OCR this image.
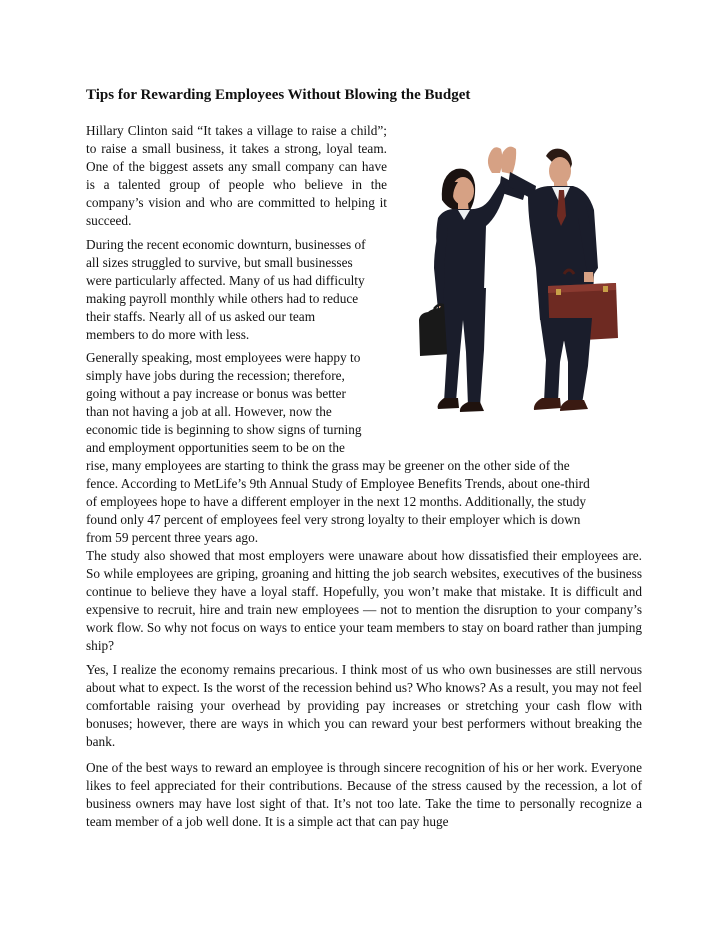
Tips for Rewarding Employees Without Blowing the Budget

Hillary Clinton said “It takes a village to raise a child”; to raise a small business, it takes a strong, loyal team. One of the biggest assets any small company can have is a talented group of people who believe in the company’s vision and who are committed to helping it succeed.

During the recent economic downturn, businesses of
all sizes struggled to survive, but small businesses
were particularly affected. Many of us had difficulty
making payroll monthly while others had to reduce
their staffs. Nearly all of us asked our team
members to do more with less.

Generally speaking, most employees were happy to
simply have jobs during the recession; therefore,
going without a pay increase or bonus was better
than not having a job at all. However, now the
economic tide is beginning to show signs of turning
and employment opportunities seem to be on the
rise, many employees are starting to think the grass may be greener on the other side of the
fence. According to MetLife’s 9th Annual Study of Employee Benefits Trends, about one-third
of employees hope to have a different employer in the next 12 months. Additionally, the study
found only 47 percent of employees feel very strong loyalty to their employer which is down
from 59 percent three years ago.

The study also showed that most employers were unaware about how dissatisfied their employees are. So while employees are griping, groaning and hitting the job search websites, executives of the business continue to believe they have a loyal staff. Hopefully, you won’t make that mistake. It is difficult and expensive to recruit, hire and train new employees — not to mention the disruption to your company’s work flow. So why not focus on ways to entice your team members to stay on board rather than jumping ship?

Yes, I realize the economy remains precarious. I think most of us who own businesses are still nervous about what to expect. Is the worst of the recession behind us? Who knows? As a result, you may not feel comfortable raising your overhead by providing pay increases or stretching your cash flow with bonuses; however, there are ways in which you can reward your best performers without breaking the bank.

One of the best ways to reward an employee is through sincere recognition of his or her work. Everyone likes to feel appreciated for their contributions. Because of the stress caused by the recession, a lot of business owners may have lost sight of that. It’s not too late. Take the time to personally recognize a team member of a job well done. It is a simple act that can pay huge
